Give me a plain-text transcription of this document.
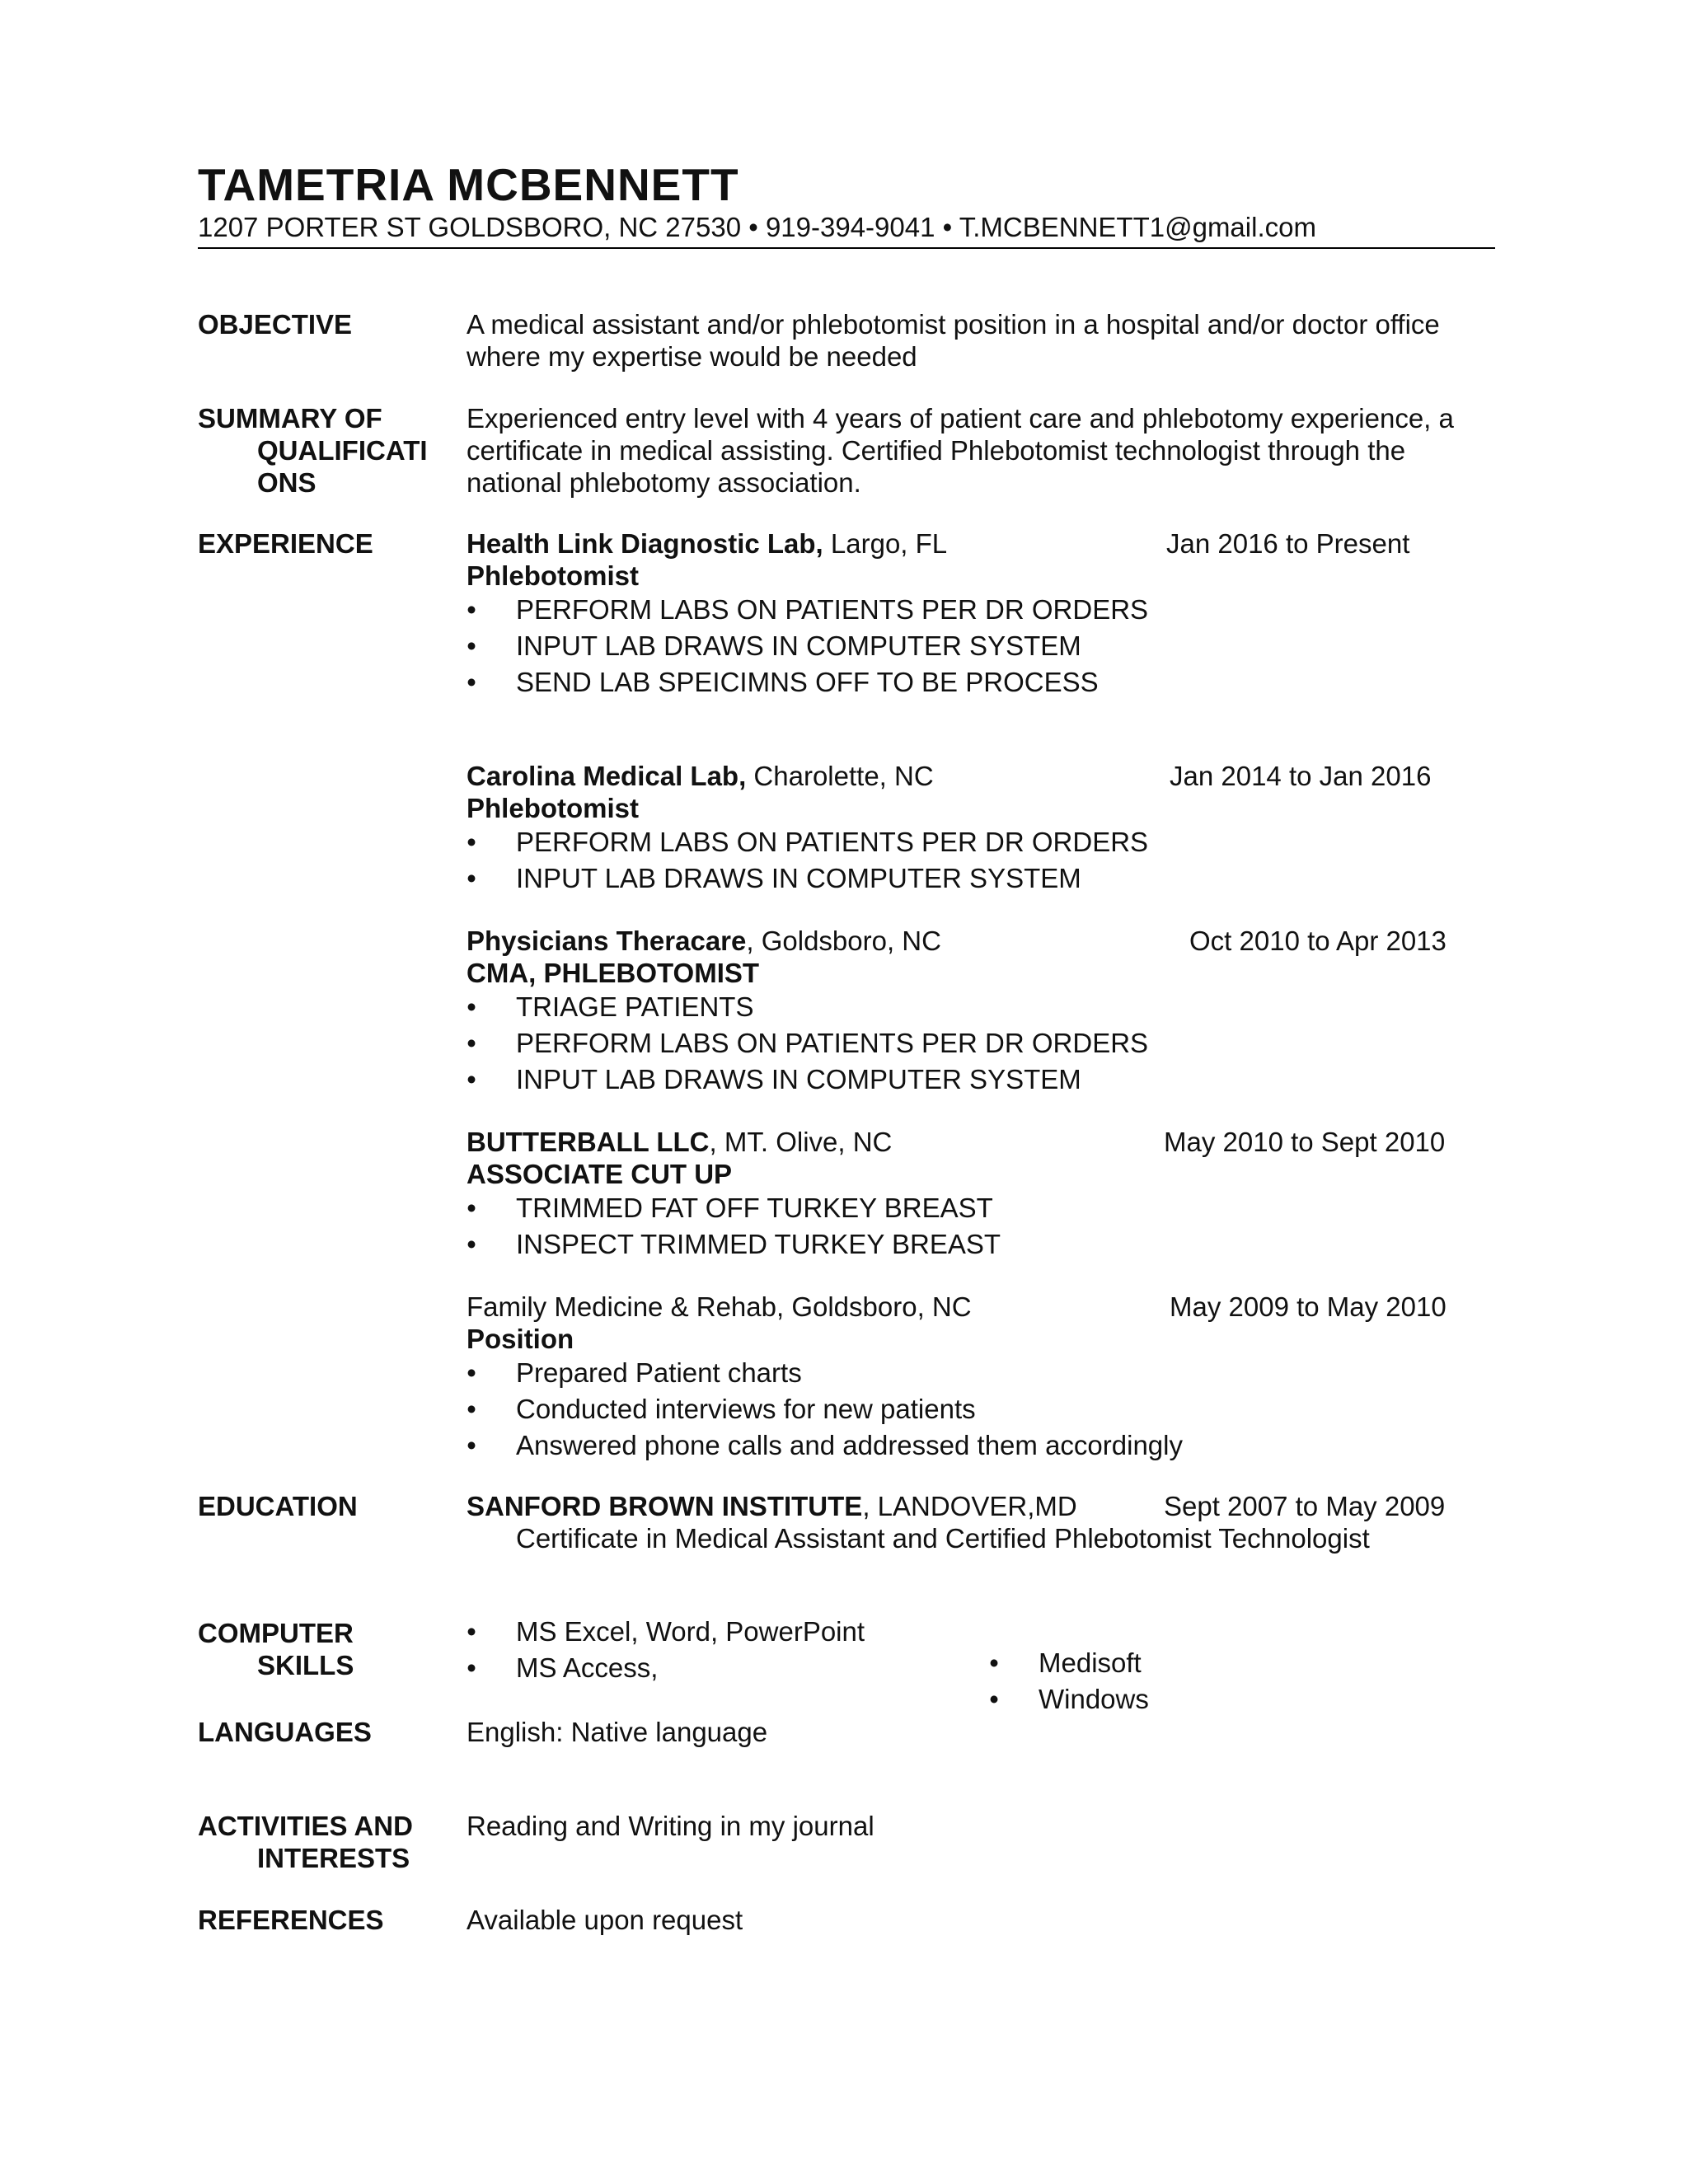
TAMETRIA MCBENNETT
1207 PORTER ST GOLDSBORO, NC 27530 • 919-394-9041 • T.MCBENNETT1@gmail.com
OBJECTIVE	A medical assistant and/or phlebotomist position in a hospital and/or doctor office
where my expertise would be needed
SUMMARY OF
QUALIFICATI
ONS
Experienced entry level with 4 years of patient care and phlebotomy experience, a
certificate in medical assisting. Certified Phlebotomist technologist through the
national phlebotomy association.
EXPERIENCE	Health Link Diagnostic Lab, Largo, FL	Jan 2016 to Present
Phlebotomist
• PERFORM LABS ON PATIENTS PER DR ORDERS
• INPUT LAB DRAWS IN COMPUTER SYSTEM
• SEND LAB SPEICIMNS OFF TO BE PROCESS
Carolina Medical Lab, Charolette, NC	Jan 2014 to Jan 2016
Phlebotomist
• PERFORM LABS ON PATIENTS PER DR ORDERS
• INPUT LAB DRAWS IN COMPUTER SYSTEM
Physicians Theracare, Goldsboro, NC	Oct 2010 to Apr 2013
CMA, PHLEBOTOMIST
• TRIAGE PATIENTS
• PERFORM LABS ON PATIENTS PER DR ORDERS
• INPUT LAB DRAWS IN COMPUTER SYSTEM
BUTTERBALL LLC, MT. Olive, NC	May 2010 to Sept 2010
ASSOCIATE CUT UP
• TRIMMED FAT OFF TURKEY BREAST
• INSPECT TRIMMED TURKEY BREAST
Family Medicine & Rehab, Goldsboro, NC	May 2009 to May 2010
Position
• Prepared Patient charts
• Conducted interviews for new patients
• Answered phone calls and addressed them accordingly
EDUCATION	SANFORD BROWN INSTITUTE, LANDOVER,MD	Sept 2007 to May 2009
Certificate in Medical Assistant and Certified Phlebotomist Technologist
COMPUTER
SKILLS
• MS Excel, Word, PowerPoint
• MS Access,	• Medisoft
• Windows
LANGUAGES	English: Native language
ACTIVITIES AND
INTERESTS
Reading and Writing in my journal
REFERENCES	Available upon request
